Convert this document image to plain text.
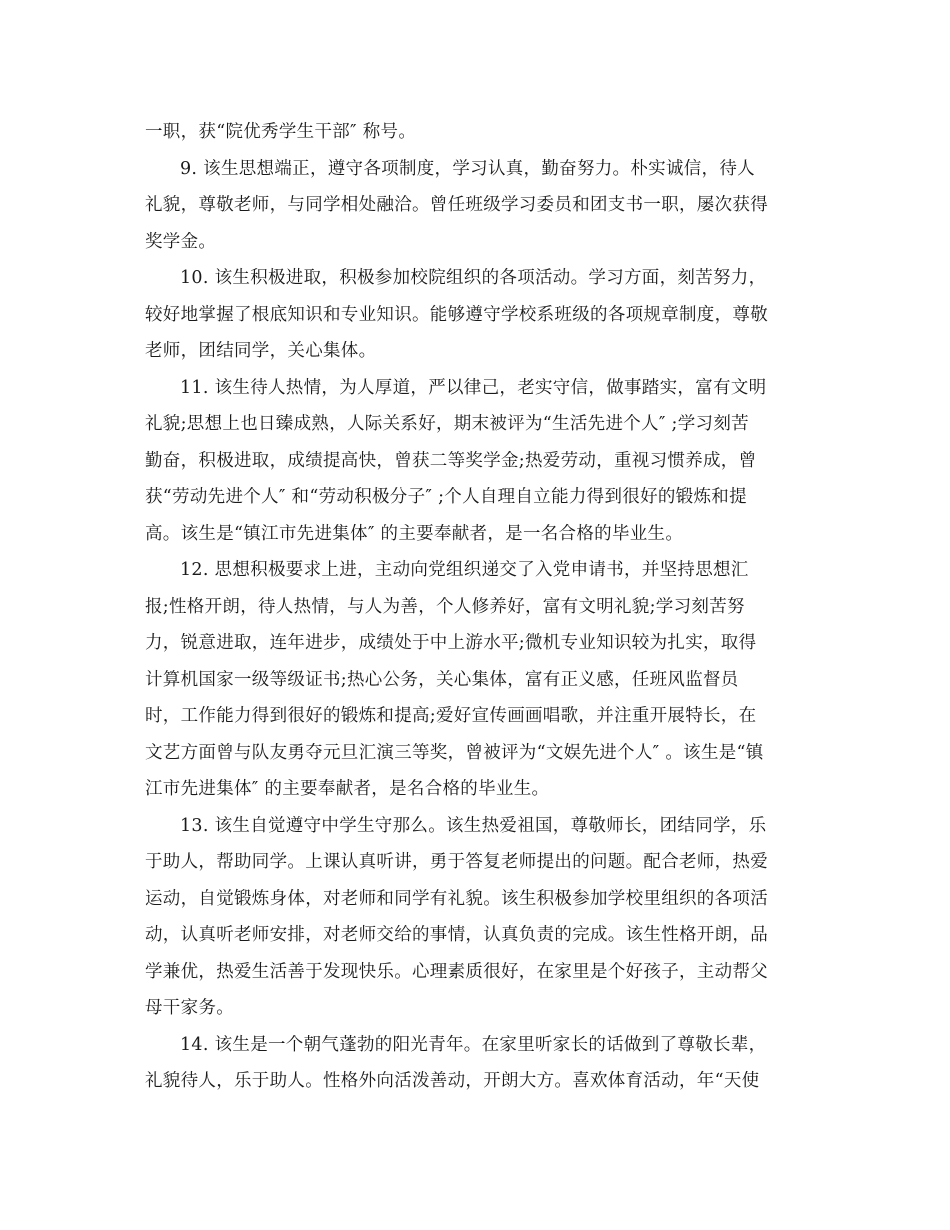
一职，获“院优秀学生干部″ 称号。
9. 该生思想端正，遵守各项制度，学习认真，勤奋努力。朴实诚信，待人
礼貌，尊敬老师，与同学相处融洽。曾任班级学习委员和团支书一职，屡次获得
奖学金。
10. 该生积极进取，积极参加校院组织的各项活动。学习方面，刻苦努力，
较好地掌握了根底知识和专业知识。能够遵守学校系班级的各项规章制度，尊敬
老师，团结同学，关心集体。
11. 该生待人热情，为人厚道，严以律己，老实守信，做事踏实，富有文明
礼貌;思想上也日臻成熟，人际关系好，期末被评为“生活先进个人″ ;学习刻苦
勤奋，积极进取，成绩提高快，曾获二等奖学金;热爱劳动，重视习惯养成，曾
获“劳动先进个人″ 和“劳动积极分子″ ;个人自理自立能力得到很好的锻炼和提
高。该生是“镇江市先进集体″ 的主要奉献者，是一名合格的毕业生。
12. 思想积极要求上进，主动向党组织递交了入党申请书，并坚持思想汇
报;性格开朗，待人热情，与人为善，个人修养好，富有文明礼貌;学习刻苦努
力，锐意进取，连年进步，成绩处于中上游水平;微机专业知识较为扎实，取得
计算机国家一级等级证书;热心公务，关心集体，富有正义感，任班风监督员
时，工作能力得到很好的锻炼和提高;爱好宣传画画唱歌，并注重开展特长，在
文艺方面曾与队友勇夺元旦汇演三等奖，曾被评为“文娱先进个人″ 。该生是“镇
江市先进集体″ 的主要奉献者，是名合格的毕业生。
13. 该生自觉遵守中学生守那么。该生热爱祖国，尊敬师长，团结同学，乐
于助人，帮助同学。上课认真听讲，勇于答复老师提出的问题。配合老师，热爱
运动，自觉锻炼身体，对老师和同学有礼貌。该生积极参加学校里组织的各项活
动，认真听老师安排，对老师交给的事情，认真负责的完成。该生性格开朗，品
学兼优，热爱生活善于发现快乐。心理素质很好，在家里是个好孩子，主动帮父
母干家务。
14. 该生是一个朝气蓬勃的阳光青年。在家里听家长的话做到了尊敬长辈，
礼貌待人，乐于助人。性格外向活泼善动，开朗大方。喜欢体育活动，年“天使
